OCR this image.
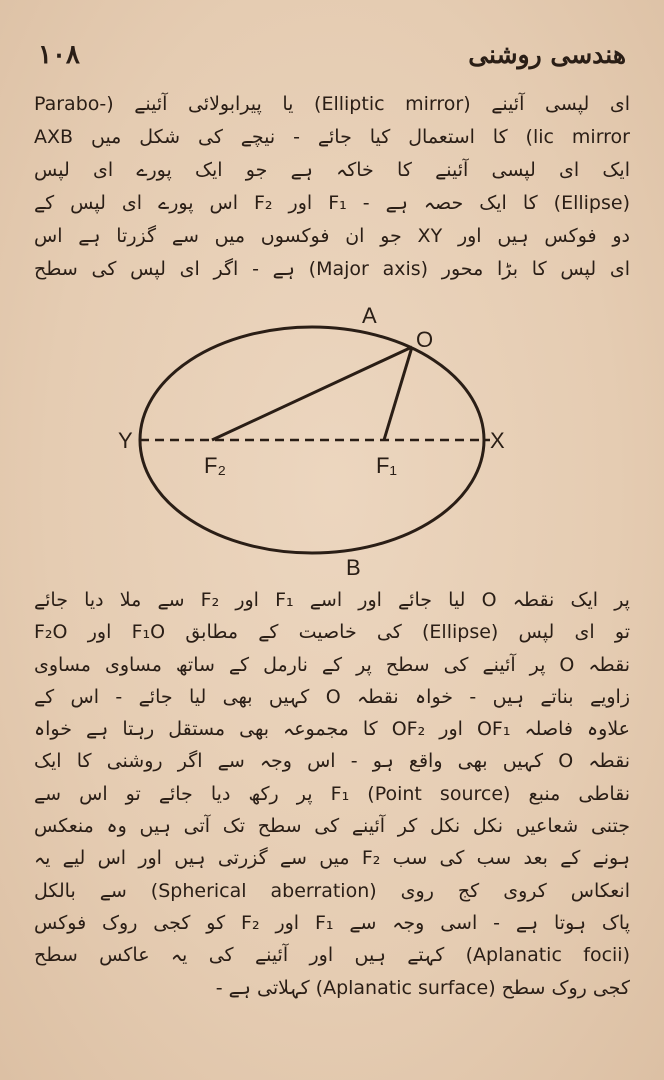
١٠٨	هندسی روشنی
ای لپسی آئینے (Elliptic mirror) یا پیرابولائی آئینے (-Parabo
lic mirror) کا استعمال کیا جائے - نیچے کی شکل میں AXB
ایک ای لپسی آئینے کا خاکہ ہے جو ایک پورے ای لپس
(Ellipse) کا ایک حصہ ہے - F₁ اور F₂ اس پورے ای لپس کے
دو فوکس ہیں اور XY جو ان فوکسوں میں سے گزرتا ہے اس
ای لپس کا بڑا محور (Major axis) ہے - اگر ای لپس کی سطح
A
O
Y	X
F₂	F₁
B
پر ایک نقطہ O لیا جائے اور اسے F₁ اور F₂ سے ملا دیا جائے
تو ای لپس (Ellipse) کی خاصیت کے مطابق F₁O اور F₂O
نقطہ O پر آئینے کی سطح پر کے نارمل کے ساتھ مساوی مساوی
زاویے بناتے ہیں - خواہ نقطہ O کہیں بھی لیا جائے - اس کے
علاوہ فاصلہ OF₁ اور OF₂ کا مجموعہ بھی مستقل رہتا ہے خواہ
نقطہ O کہیں بھی واقع ہو - اس وجہ سے اگر روشنی کا ایک
نقاطی منبع (Point source) F₁ پر رکھ دیا جائے تو اس سے
جتنی شعاعیں نکل نکل کر آئینے کی سطح تک آتی ہیں وہ منعکس
ہونے کے بعد سب کی سب F₂ میں سے گزرتی ہیں اور اس لیے یہ
انعکاس کروی کج روی (Spherical aberration) سے بالکل
پاک ہوتا ہے - اسی وجہ سے F₁ اور F₂ کو کجی روک فوکس
(Aplanatic focii) کہتے ہیں اور آئینے کی یہ عاکس سطح
کجی روک سطح (Aplanatic surface) کہلاتی ہے -
